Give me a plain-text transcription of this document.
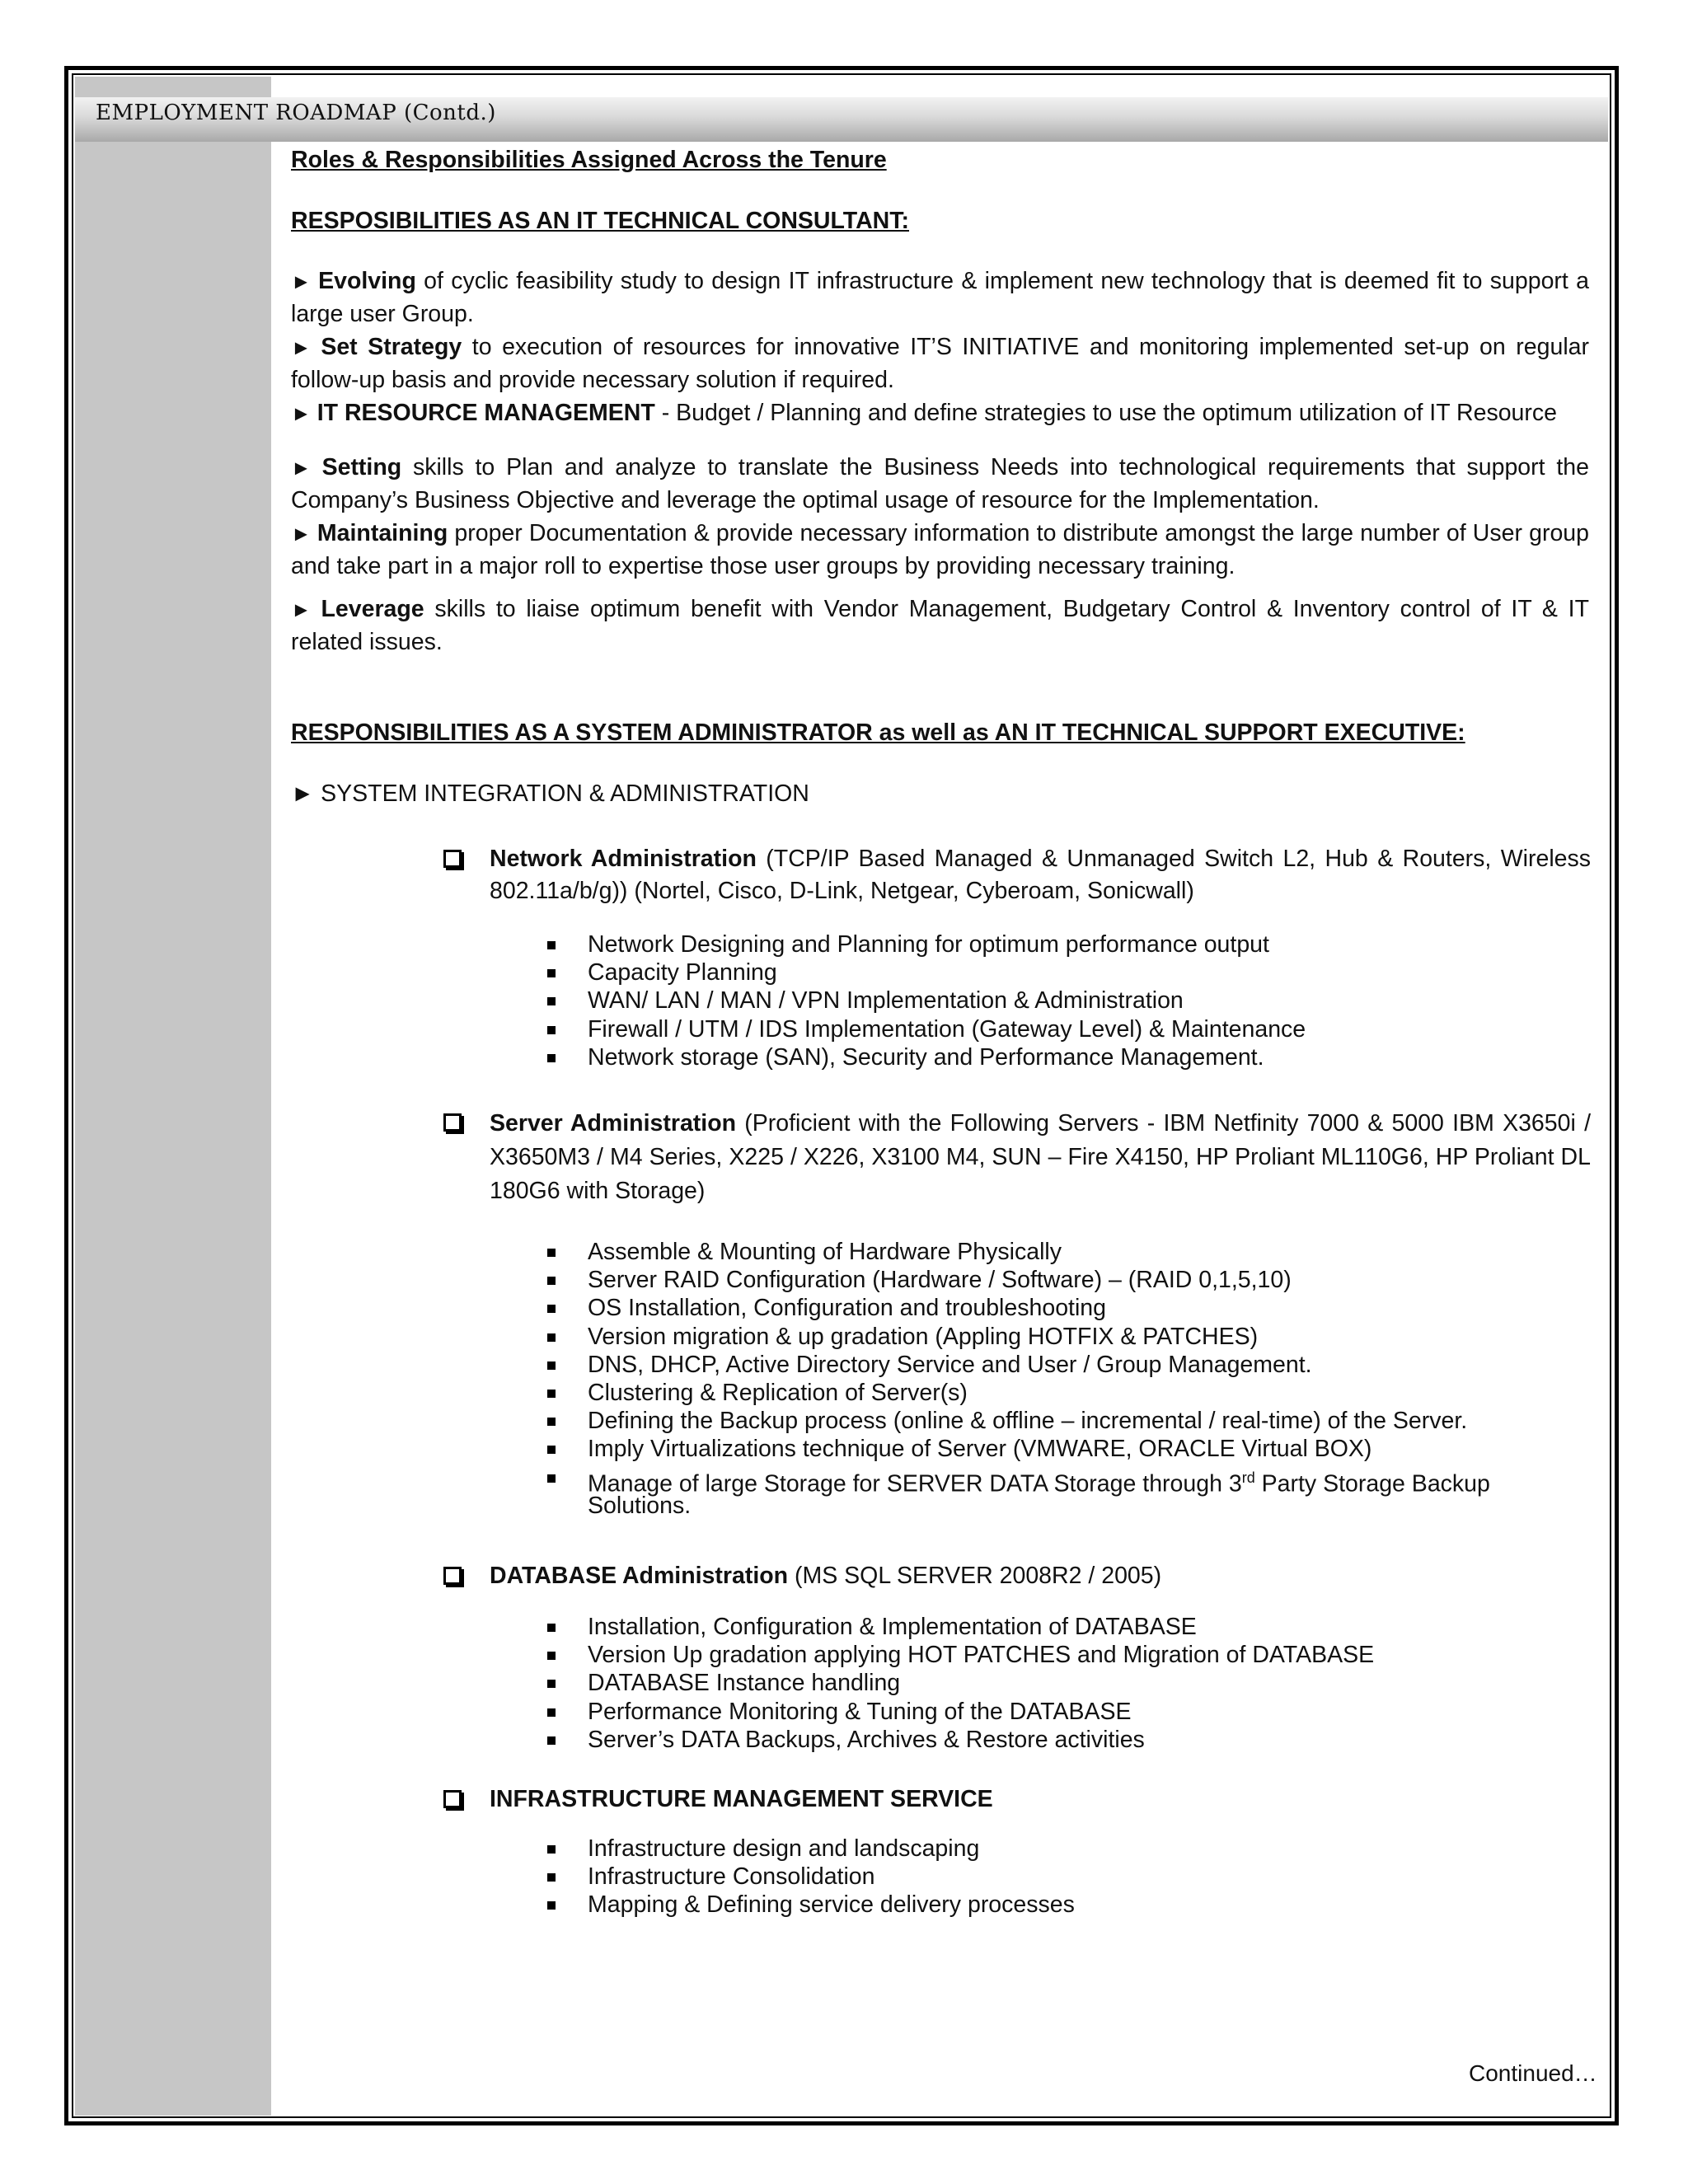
EMPLOYMENT ROADMAP (Contd.)
Roles & Responsibilities Assigned Across the Tenure
RESPOSIBILITIES AS AN IT TECHNICAL CONSULTANT:
► Evolving of cyclic feasibility study to design IT infrastructure & implement new technology that is deemed fit to support a large user Group.
► Set Strategy to execution of resources for innovative IT’S INITIATIVE and monitoring implemented set-up on regular follow-up basis and provide necessary solution if required.
► IT RESOURCE MANAGEMENT - Budget / Planning and define strategies to use the optimum utilization of IT Resource
► Setting skills to Plan and analyze to translate the Business Needs into technological requirements that support the Company’s Business Objective and leverage the optimal usage of resource for the Implementation.
► Maintaining proper Documentation & provide necessary information to distribute amongst the large number of User group and take part in a major roll to expertise those user groups by providing necessary training.
► Leverage skills to liaise optimum benefit with Vendor Management, Budgetary Control & Inventory control of IT & IT related issues.
RESPONSIBILITIES AS A SYSTEM ADMINISTRATOR as well as AN IT TECHNICAL SUPPORT EXECUTIVE:
► SYSTEM INTEGRATION & ADMINISTRATION
Network Administration (TCP/IP Based Managed & Unmanaged Switch L2, Hub & Routers, Wireless 802.11a/b/g)) (Nortel, Cisco, D-Link, Netgear, Cyberoam, Sonicwall)
Network Designing and Planning for optimum performance output
Capacity Planning
WAN/ LAN / MAN / VPN Implementation & Administration
Firewall / UTM / IDS Implementation (Gateway Level) & Maintenance
Network storage (SAN), Security and Performance Management.
Server Administration (Proficient with the Following Servers - IBM Netfinity 7000 & 5000 IBM X3650i / X3650M3 / M4 Series, X225 / X226, X3100 M4, SUN – Fire X4150, HP Proliant ML110G6, HP Proliant DL 180G6 with Storage)
Assemble & Mounting of Hardware Physically
Server RAID Configuration (Hardware / Software) – (RAID 0,1,5,10)
OS Installation, Configuration and troubleshooting
Version migration & up gradation (Appling HOTFIX & PATCHES)
DNS, DHCP, Active Directory Service and User / Group Management.
Clustering & Replication of Server(s)
Defining the Backup process (online & offline – incremental / real-time) of the Server.
Imply Virtualizations technique of Server (VMWARE, ORACLE Virtual BOX)
Manage of large Storage for SERVER DATA Storage through 3rd Party Storage Backup
Solutions.
DATABASE Administration (MS SQL SERVER 2008R2 / 2005)
Installation, Configuration & Implementation of DATABASE
Version Up gradation applying HOT PATCHES and Migration of DATABASE
DATABASE Instance handling
Performance Monitoring & Tuning of the DATABASE
Server’s DATA Backups, Archives & Restore activities
INFRASTRUCTURE MANAGEMENT SERVICE
Infrastructure design and landscaping
Infrastructure Consolidation
Mapping & Defining service delivery processes
Continued…
